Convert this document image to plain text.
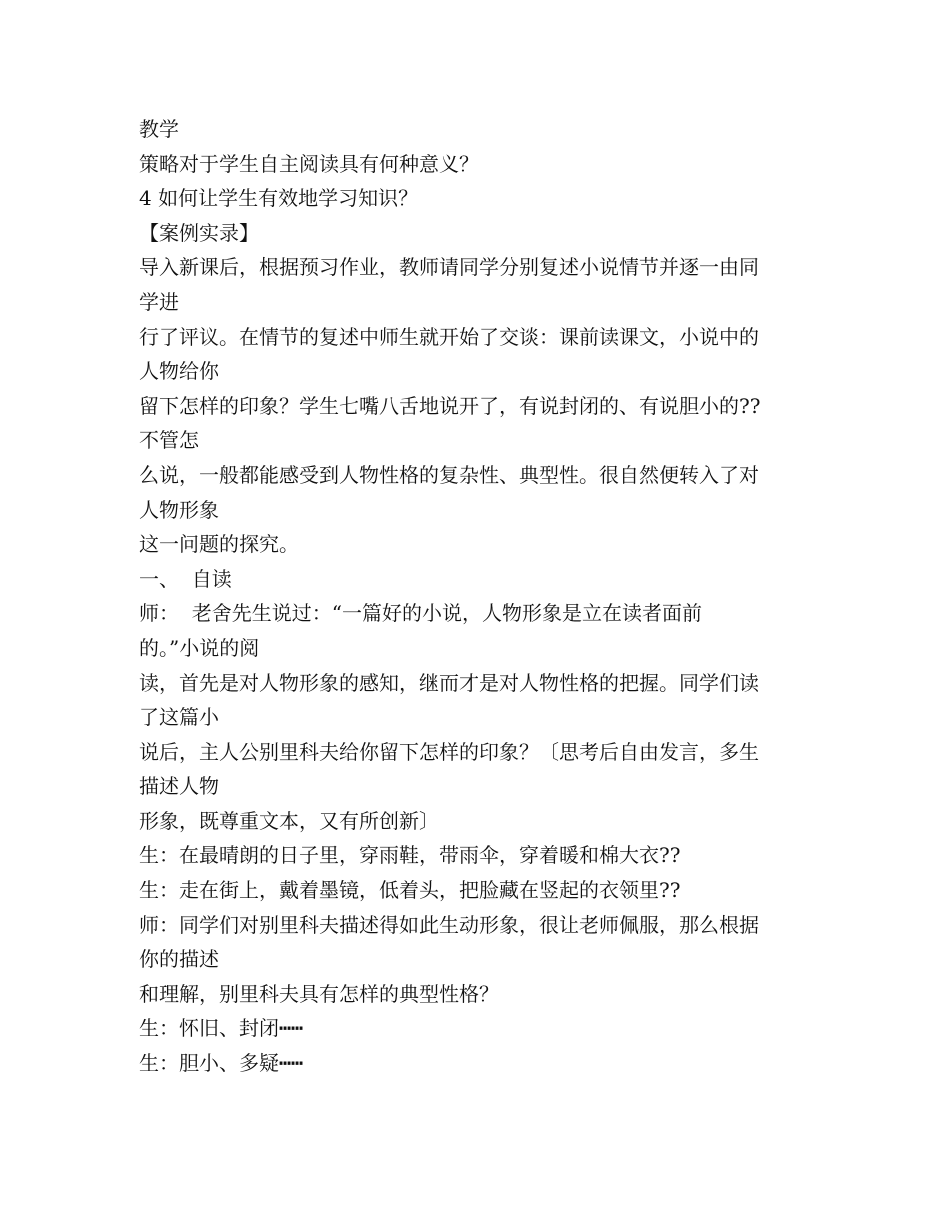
教学
策略对于学生自主阅读具有何种意义？
4 如何让学生有效地学习知识？
【案例实录】
导入新课后，根据预习作业，教师请同学分别复述小说情节并逐一由同
学进
行了评议。在情节的复述中师生就开始了交谈：课前读课文，小说中的
人物给你
留下怎样的印象？学生七嘴八舌地说开了，有说封闭的、有说胆小的??
不管怎
么说，一般都能感受到人物性格的复杂性、典型性。很自然便转入了对
人物形象
这一问题的探究。
一、  自读
师：  老舍先生说过：“一篇好的小说，人物形象是立在读者面前
的。”小说的阅
读，首先是对人物形象的感知，继而才是对人物性格的把握。同学们读
了这篇小
说后，主人公别里科夫给你留下怎样的印象？〔思考后自由发言，多生
描述人物
形象，既尊重文本，又有所创新〕
生：在最晴朗的日子里，穿雨鞋，带雨伞，穿着暖和棉大衣??
生：走在街上，戴着墨镜，低着头，把脸藏在竖起的衣领里??
师：同学们对别里科夫描述得如此生动形象，很让老师佩服，那么根据
你的描述
和理解，别里科夫具有怎样的典型性格？
生：怀旧、封闭┅┅
生：胆小、多疑┅┅
